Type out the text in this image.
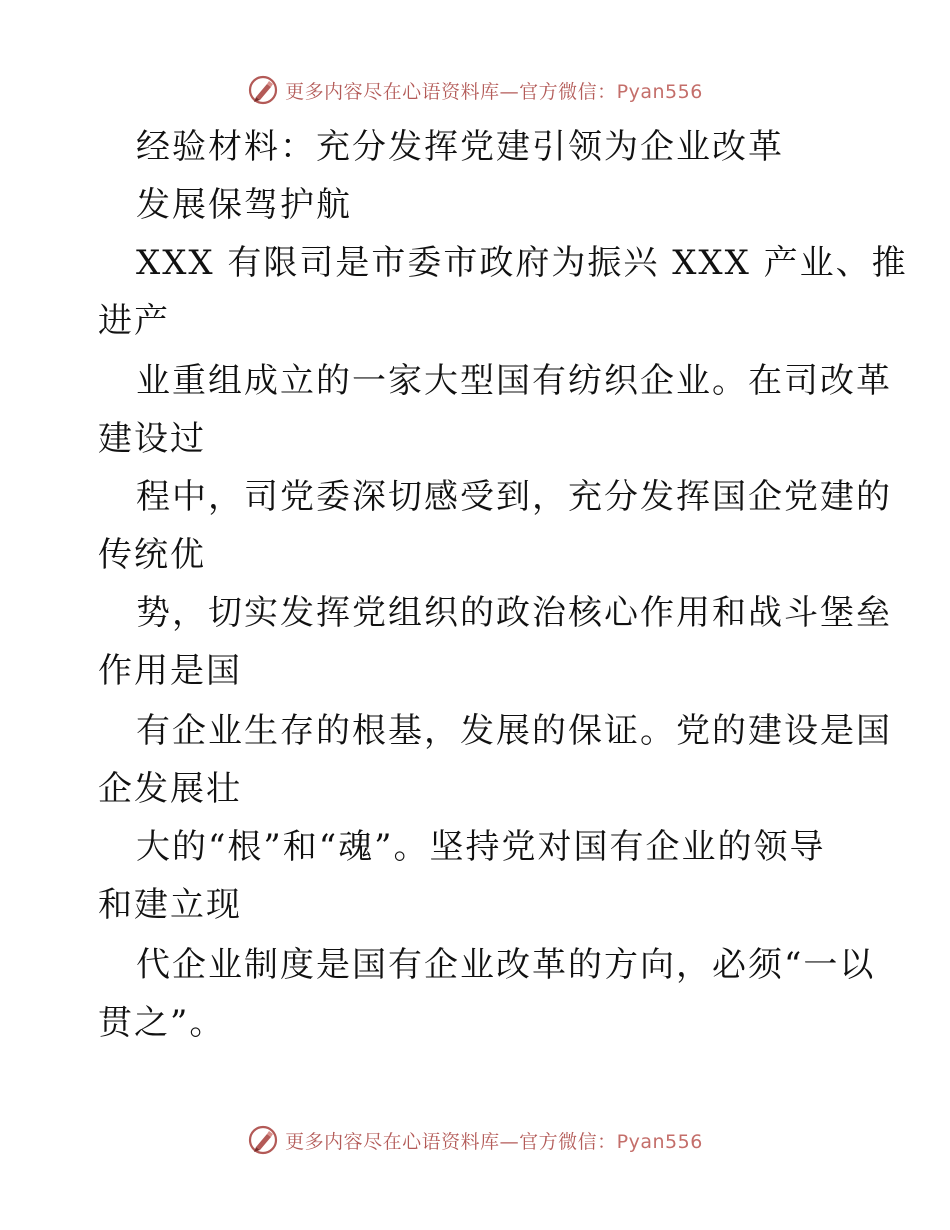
更多内容尽在心语资料库—官方微信：Pyan556
经验材料：充分发挥党建引领为企业改革
发展保驾护航
XXX 有限司是市委市政府为振兴 XXX 产业、推
进产
业重组成立的一家大型国有纺织企业。在司改革
建设过
程中，司党委深切感受到，充分发挥国企党建的
传统优
势，切实发挥党组织的政治核心作用和战斗堡垒
作用是国
有企业生存的根基，发展的保证。党的建设是国
企发展壮
大的“根”和“魂”。坚持党对国有企业的领导
和建立现
代企业制度是国有企业改革的方向，必须“一以
贯之”。
更多内容尽在心语资料库—官方微信：Pyan556
